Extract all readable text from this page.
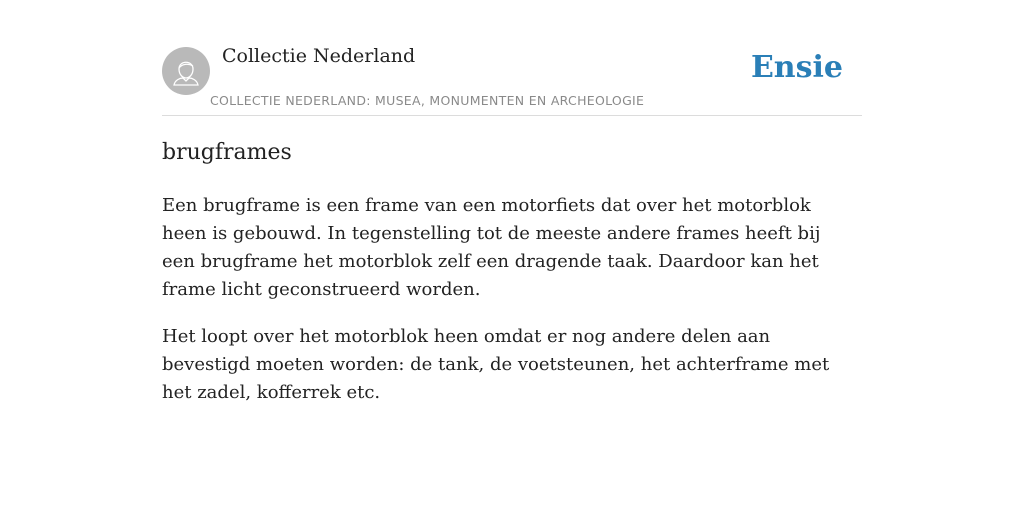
Collectie Nederland
COLLECTIE NEDERLAND: MUSEA, MONUMENTEN EN ARCHEOLOGIE
Ensie
brugframes

Een brugframe is een frame van een motorfiets dat over het motorblok heen is gebouwd. In tegenstelling tot de meeste andere frames heeft bij een brugframe het motorblok zelf een dragende taak. Daardoor kan het frame licht geconstrueerd worden.

Het loopt over het motorblok heen omdat er nog andere delen aan bevestigd moeten worden: de tank, de voetsteunen, het achterframe met het zadel, kofferrek etc.
